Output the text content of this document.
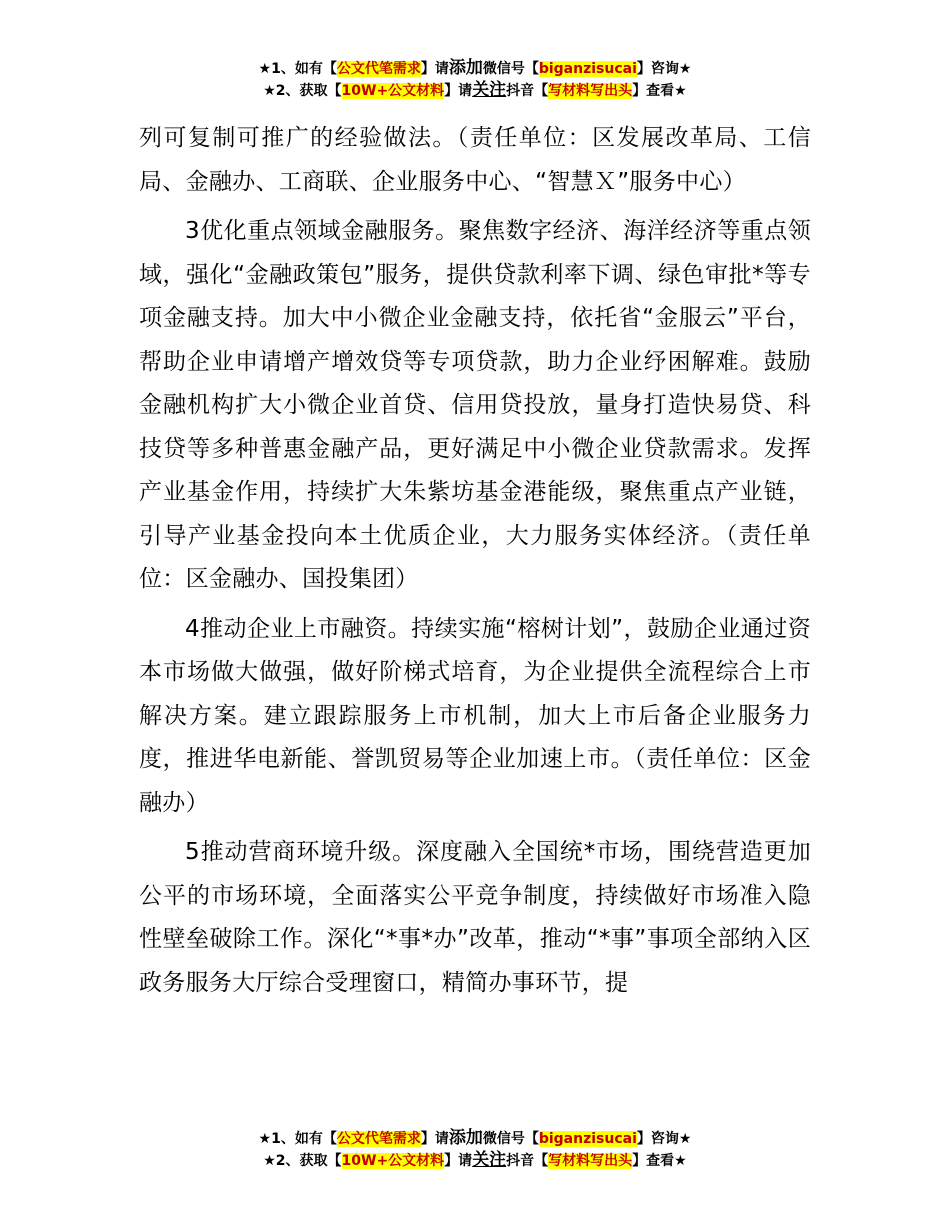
★1、如有【公文代笔需求】请添加微信号【biganzisucai】咨询★
★2、获取【10W+公文材料】请关注抖音【写材料写出头】查看★

列可复制可推广的经验做法。（责任单位：区发展改革局、工信局、金融办、工商联、企业服务中心、“智慧Ｘ”服务中心）

3优化重点领域金融服务。聚焦数字经济、海洋经济等重点领域，强化“金融政策包”服务，提供贷款利率下调、绿色审批*等专项金融支持。加大中小微企业金融支持，依托省“金服云”平台，帮助企业申请增产增效贷等专项贷款，助力企业纾困解难。鼓励金融机构扩大小微企业首贷、信用贷投放，量身打造快易贷、科技贷等多种普惠金融产品，更好满足中小微企业贷款需求。发挥产业基金作用，持续扩大朱紫坊基金港能级，聚焦重点产业链，引导产业基金投向本土优质企业，大力服务实体经济。（责任单位：区金融办、国投集团）

4推动企业上市融资。持续实施“榕树计划”，鼓励企业通过资本市场做大做强，做好阶梯式培育，为企业提供全流程综合上市解决方案。建立跟踪服务上市机制，加大上市后备企业服务力度，推进华电新能、誉凯贸易等企业加速上市。（责任单位：区金融办）

5推动营商环境升级。深度融入全国统*市场，围绕营造更加公平的市场环境，全面落实公平竞争制度，持续做好市场准入隐性壁垒破除工作。深化“*事*办”改革，推动“*事”事项全部纳入区政务服务大厅综合受理窗口，精简办事环节，提

★1、如有【公文代笔需求】请添加微信号【biganzisucai】咨询★
★2、获取【10W+公文材料】请关注抖音【写材料写出头】查看★
